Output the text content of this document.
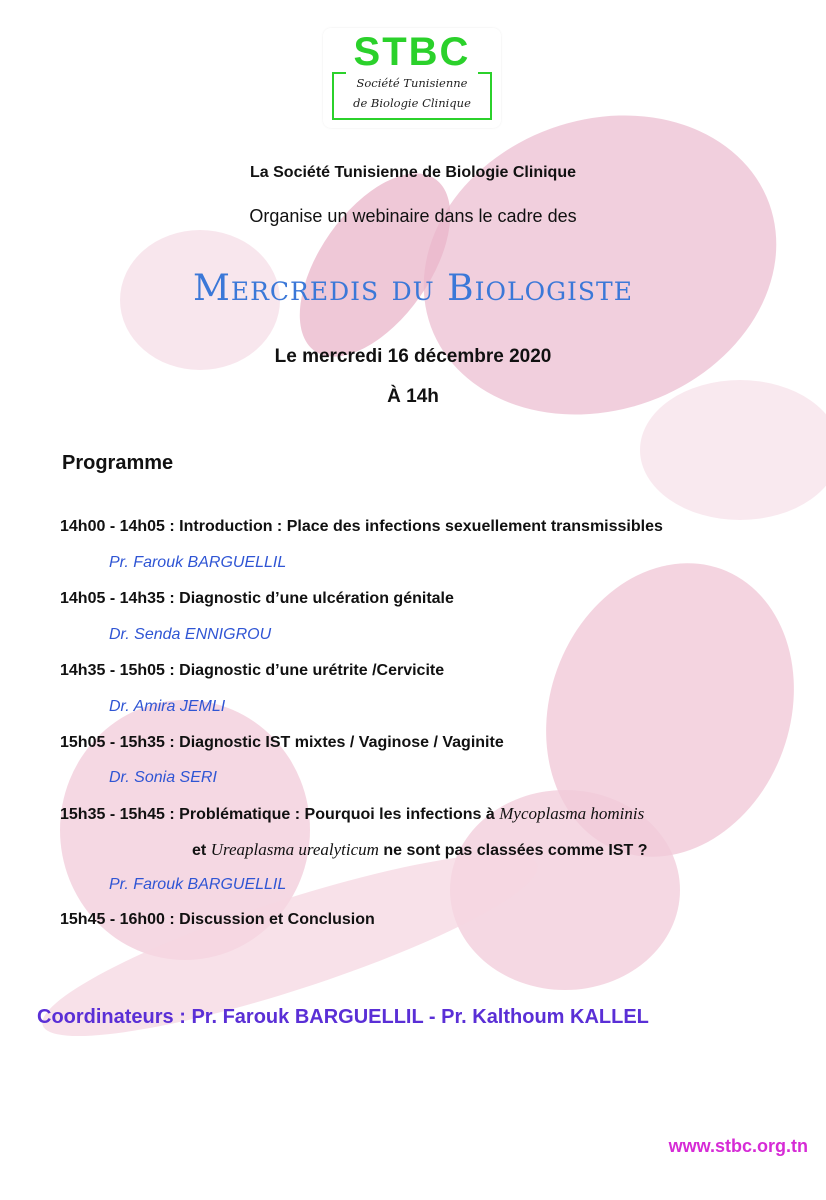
STBC
Société Tunisienne
de Biologie Clinique
La Société Tunisienne de Biologie Clinique
Organise un webinaire dans le cadre des
Mercredis du Biologiste
Le mercredi 16 décembre 2020
À 14h
Programme
14h00 - 14h05 : Introduction : Place des infections sexuellement transmissibles
Pr. Farouk BARGUELLIL
14h05 - 14h35 : Diagnostic d’une ulcération génitale
Dr. Senda ENNIGROU
14h35 - 15h05 : Diagnostic d’une urétrite /Cervicite
Dr. Amira JEMLI
15h05 - 15h35 : Diagnostic IST mixtes / Vaginose / Vaginite
Dr. Sonia SERI
15h35 - 15h45 : Problématique : Pourquoi les infections à Mycoplasma hominis
et Ureaplasma urealyticum ne sont pas classées comme IST ?
Pr. Farouk BARGUELLIL
15h45 - 16h00 : Discussion et Conclusion
Coordinateurs : Pr. Farouk BARGUELLIL - Pr. Kalthoum KALLEL
www.stbc.org.tn
